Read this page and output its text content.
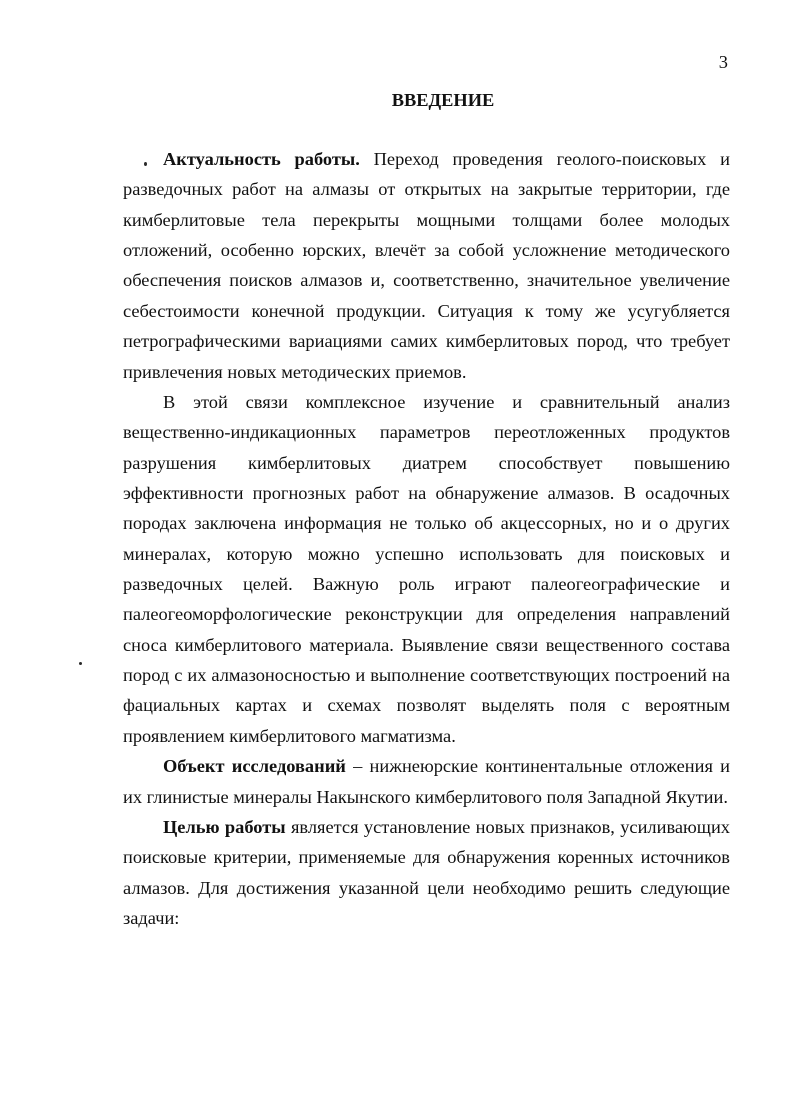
3
ВВЕДЕНИЕ
Актуальность работы. Переход проведения геолого-поисковых и
разведочных работ на алмазы от открытых на закрытые территории, где
кимберлитовые тела перекрыты мощными толщами более молодых
отложений, особенно юрских, влечёт за собой усложнение методического
обеспечения поисков алмазов и, соответственно, значительное увеличение
себестоимости конечной продукции. Ситуация к тому же усугубляется
петрографическими вариациями самих кимберлитовых пород, что требует
привлечения новых методических приемов.
В этой связи комплексное изучение и сравнительный анализ
вещественно-индикационных параметров переотложенных продуктов
разрушения кимберлитовых диатрем способствует повышению
эффективности прогнозных работ на обнаружение алмазов. В осадочных
породах заключена информация не только об акцессорных, но и о других
минералах, которую можно успешно использовать для поисковых и
разведочных целей. Важную роль играют палеогеографические и
палеогеоморфологические реконструкции для определения направлений
сноса кимберлитового материала. Выявление связи вещественного состава
пород с их алмазоносностью и выполнение соответствующих построений на
фациальных картах и схемах позволят выделять поля с вероятным
проявлением кимберлитового магматизма.
Объект исследований – нижнеюрские континентальные отложения и
их глинистые минералы Накынского кимберлитового поля Западной Якутии.
Целью работы является установление новых признаков, усиливающих
поисковые критерии, применяемые для обнаружения коренных источников
алмазов. Для достижения указанной цели необходимо решить следующие
задачи:
